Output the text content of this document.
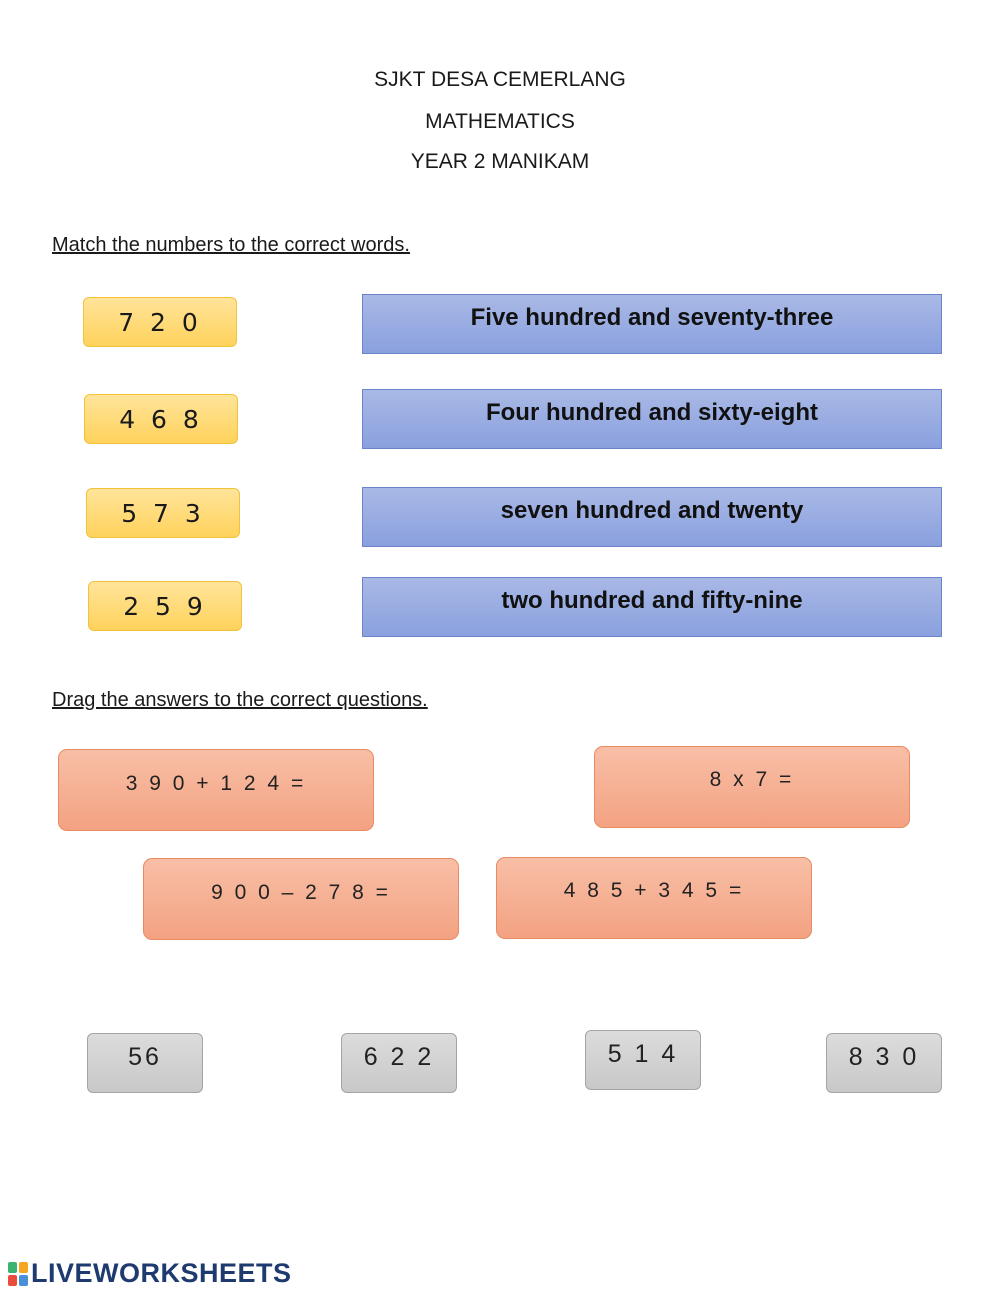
SJKT DESA CEMERLANG
MATHEMATICS
YEAR 2 MANIKAM
Match the numbers to the correct words.
7 2 0
4 6 8
5 7 3
2 5 9
Five hundred and seventy-three
Four hundred and sixty-eight
seven hundred and twenty
two hundred and fifty-nine
Drag the answers to the correct questions.
3 9 0 + 1 2 4 =	8 x 7 =
9 0 0 – 2 7 8 =	4 8 5 + 3 4 5 =
56	6 2 2	5 1 4	8 3 0
LIVEWORKSHEETS
